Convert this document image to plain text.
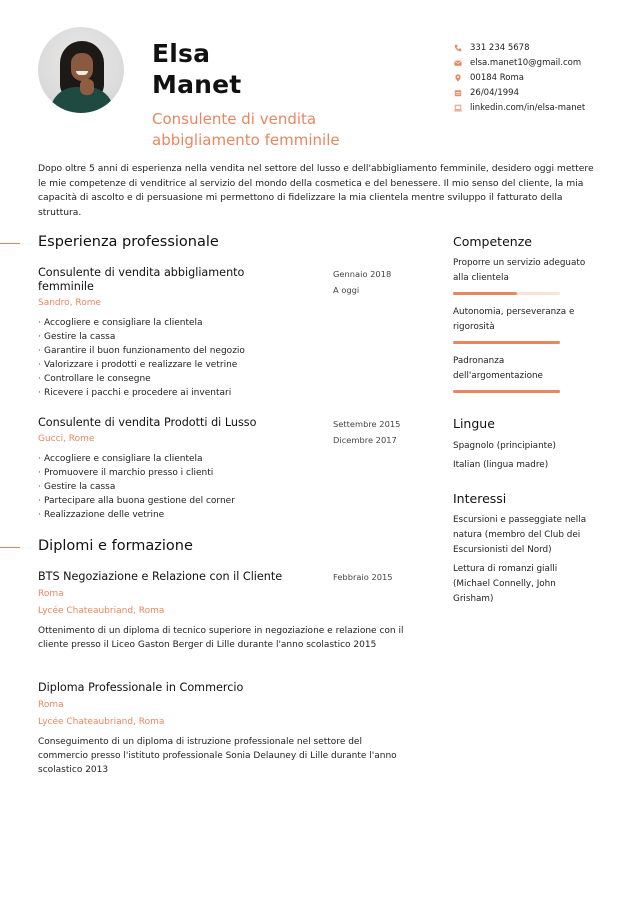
Elsa
Manet
Consulente di vendita
abbigliamento femminile
331 234 5678
elsa.manet10@gmail.com
00184 Roma
26/04/1994
linkedin.com/in/elsa-manet

Dopo oltre 5 anni di esperienza nella vendita nel settore del lusso e dell'abbigliamento femminile, desidero oggi mettere le mie competenze di venditrice al servizio del mondo della cosmetica e del benessere. Il mio senso del cliente, la mia capacità di ascolto e di persuasione mi permettono di fidelizzare la mia clientela mentre sviluppo il fatturato della struttura.

Esperienza professionale
Consulente di vendita abbigliamento femminile
Sandro, Rome
Gennaio 2018
A oggi
· Accogliere e consigliare la clientela
· Gestire la cassa
· Garantire il buon funzionamento del negozio
· Valorizzare i prodotti e realizzare le vetrine
· Controllare le consegne
· Ricevere i pacchi e procedere ai inventari
Consulente di vendita Prodotti di Lusso
Gucci, Rome
Settembre 2015
Dicembre 2017
· Accogliere e consigliare la clientela
· Promuovere il marchio presso i clienti
· Gestire la cassa
· Partecipare alla buona gestione del corner
· Realizzazione delle vetrine
Diplomi e formazione
BTS Negoziazione e Relazione con il Cliente	Febbraio 2015
Roma
Lycée Chateaubriand, Roma
Ottenimento di un diploma di tecnico superiore in negoziazione e relazione con il cliente presso il Liceo Gaston Berger di Lille durante l'anno scolastico 2015
Diploma Professionale in Commercio
Roma
Lycée Chateaubriand, Roma
Conseguimento di un diploma di istruzione professionale nel settore del commercio presso l'istituto professionale Sonia Delauney di Lille durante l'anno scolastico 2013
Competenze
Proporre un servizio adeguato alla clientela
Autonomia, perseveranza e rigorosità
Padronanza dell'argomentazione
Lingue
Spagnolo (principiante)
Italian (lingua madre)
Interessi
Escursioni e passeggiate nella natura (membro del Club dei Escursionisti del Nord)
Lettura di romanzi gialli (Michael Connelly, John Grisham)
